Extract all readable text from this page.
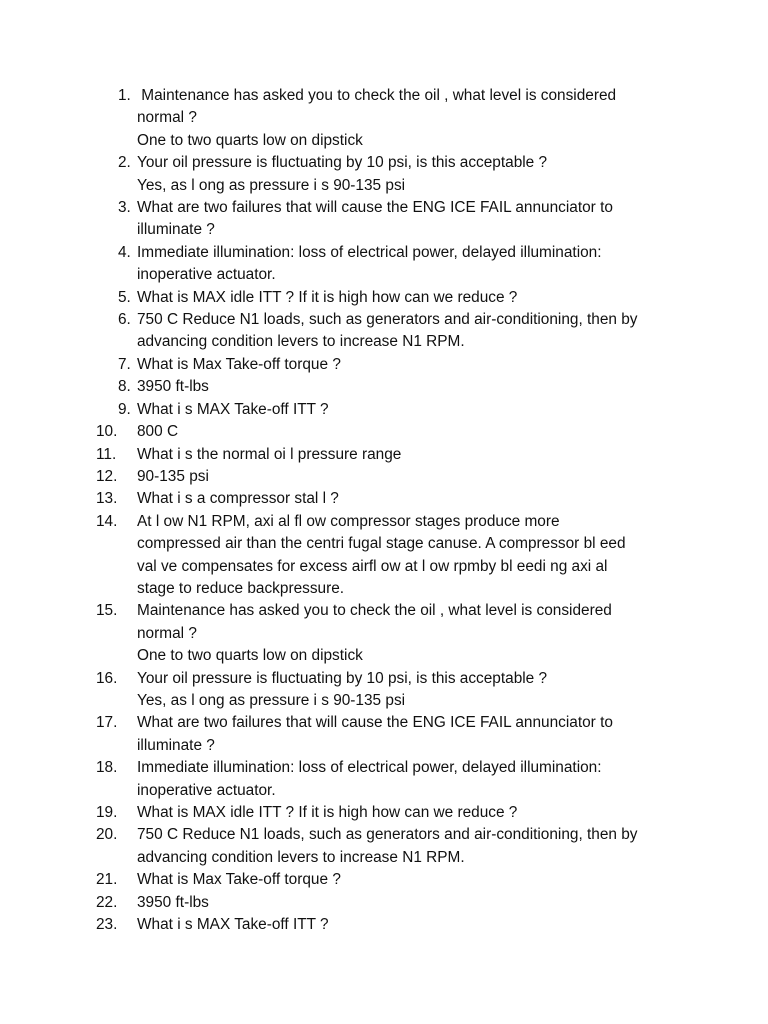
1. Maintenance has asked you to check the oil , what level is considered
normal ?
One to two quarts low on dipstick
2. Your oil pressure is fluctuating by 10 psi, is this acceptable ?
Yes, as l ong as pressure i s 90-135 psi
3. What are two failures that will cause the ENG ICE FAIL annunciator to
illuminate ?
4. Immediate illumination: loss of electrical power, delayed illumination:
inoperative actuator.
5. What is MAX idle ITT ? If it is high how can we reduce ?
6. 750 C Reduce N1 loads, such as generators and air-conditioning, then by
advancing condition levers to increase N1 RPM.
7. What is Max Take-off torque ?
8. 3950 ft-lbs
9. What i s MAX Take-off ITT ?
10.	800 C
11.	What i s the normal oi l pressure range
12.	90-135 psi
13.	What i s a compressor stal l ?
14.	At l ow N1 RPM, axi al fl ow compressor stages produce more
compressed air than the centri fugal stage canuse. A compressor bl eed
val ve compensates for excess airfl ow at l ow rpmby bl eedi ng axi al
stage to reduce backpressure.
15.	Maintenance has asked you to check the oil , what level is considered
normal ?
One to two quarts low on dipstick
16.	Your oil pressure is fluctuating by 10 psi, is this acceptable ?
Yes, as l ong as pressure i s 90-135 psi
17.	What are two failures that will cause the ENG ICE FAIL annunciator to
illuminate ?
18.	Immediate illumination: loss of electrical power, delayed illumination:
inoperative actuator.
19.	What is MAX idle ITT ? If it is high how can we reduce ?
20.	750 C Reduce N1 loads, such as generators and air-conditioning, then by
advancing condition levers to increase N1 RPM.
21.	What is Max Take-off torque ?
22.	3950 ft-lbs
23.	What i s MAX Take-off ITT ?
